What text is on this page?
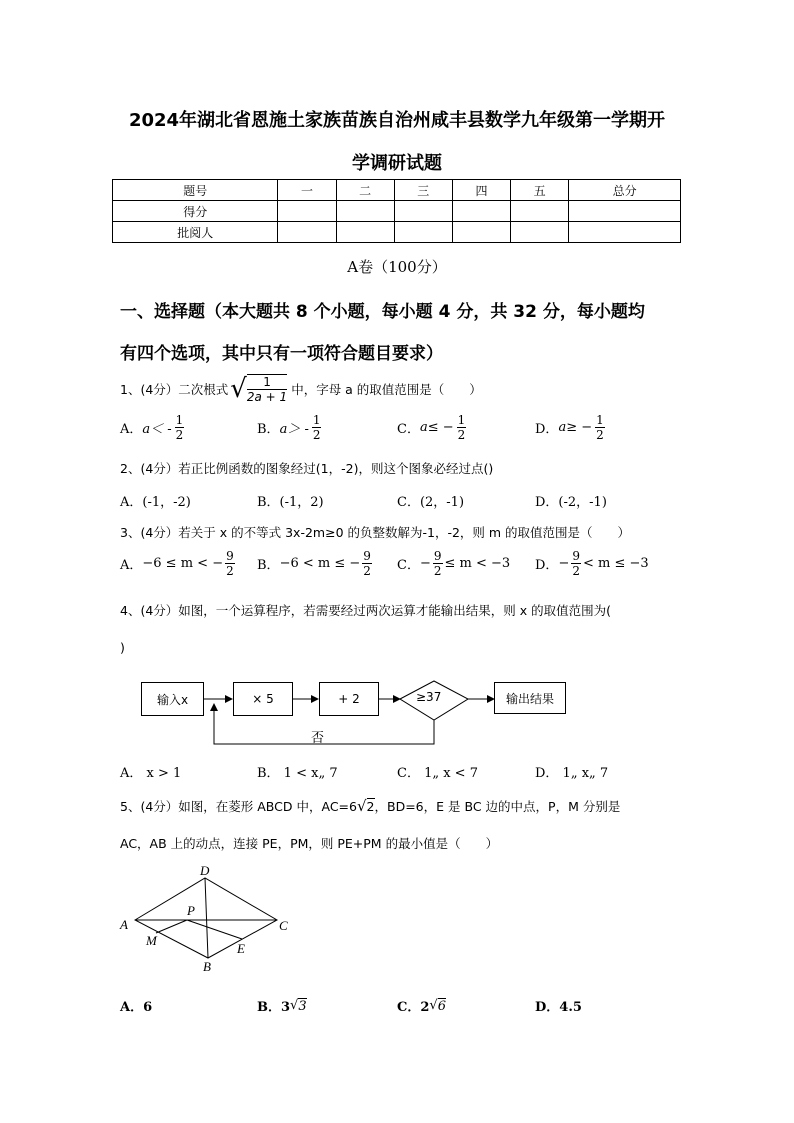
2024年湖北省恩施土家族苗族自治州咸丰县数学九年级第一学期开
学调研试题
题号	一	二	三	四	五	总分
得分						
批阅人						
A卷（100分）
一、选择题（本大题共 8 个小题，每小题 4 分，共 32 分，每小题均
有四个选项，其中只有一项符合题目要求）
1、(4分）二次根式 √ $\frac{1}{2a + 1}$ 中，字母 a 的取值范围是（　　）
A． $a< - \frac{1}{2}$	B． $a> - \frac{1}{2}$	C． $a\le - \frac{1}{2}$	D． $a\ge - \frac{1}{2}$
2、(4分）若正比例函数的图象经过(1，-2)，则这个图象必经过点()
A．(-1，-2)	B．(-1，2)	C．(2，-1)	D．(-2，-1)
3、(4分）若关于 x 的不等式 3x-2m≥0 的负整数解为-1，-2，则 m 的取值范围是（　　）
A． −6 ≤ m < − $\frac{9}{2}$ B． −6 < m ≤ − $\frac{9}{2}$ C． − $\frac{9}{2} \le m < -3$ D． − $\frac{9}{2} < m \le -3$
4、(4分）如图，一个运算程序，若需要经过两次运算才能输出结果，则 x 的取值范围为(
)
输入x	× 5	+ 2	≥37	输出结果
否
A． x > 1	B． 1 < x„ 7	C． 1„ x < 7	D． 1„ x„ 7
5、(4分）如图，在菱形 ABCD 中，AC=6 √ 2 ，BD=6，E 是 BC 边的中点，P，M 分别是
AC，AB 上的动点，连接 PE，PM，则 PE+PM 的最小值是（　　）
A
B
C
D
P
M
E
A．6	B．3 √ 3	C．2 √ 6	D．4.5
